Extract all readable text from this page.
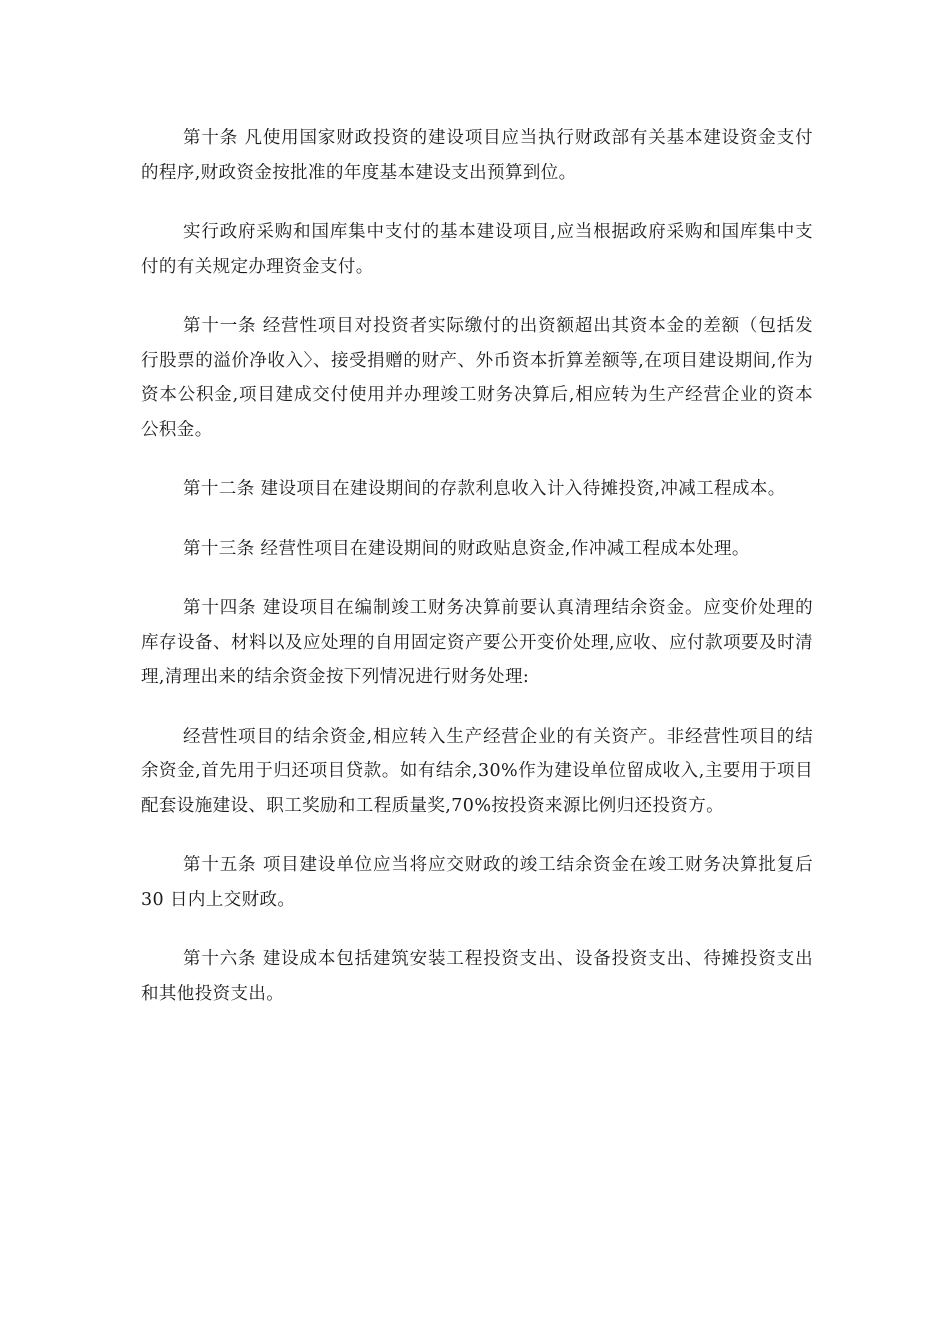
第十条 凡使用国家财政投资的建设项目应当执行财政部有关基本建设资金支付的程序,财政资金按批准的年度基本建设支出预算到位。

实行政府采购和国库集中支付的基本建设项目,应当根据政府采购和国库集中支付的有关规定办理资金支付。

第十一条 经营性项目对投资者实际缴付的出资额超出其资本金的差额（包括发行股票的溢价净收入〉、接受捐赠的财产、外币资本折算差额等,在项目建设期间,作为资本公积金,项目建成交付使用并办理竣工财务决算后,相应转为生产经营企业的资本公积金。

第十二条 建设项目在建设期间的存款利息收入计入待摊投资,冲减工程成本。

第十三条 经营性项目在建设期间的财政贴息资金,作冲减工程成本处理。

第十四条 建设项目在编制竣工财务决算前要认真清理结余资金。应变价处理的库存设备、材料以及应处理的自用固定资产要公开变价处理,应收、应付款项要及时清理,清理出来的结余资金按下列情况进行财务处理:

经营性项目的结余资金,相应转入生产经营企业的有关资产。非经营性项目的结余资金,首先用于归还项目贷款。如有结余,30%作为建设单位留成收入,主要用于项目配套设施建设、职工奖励和工程质量奖,70%按投资来源比例归还投资方。

第十五条 项目建设单位应当将应交财政的竣工结余资金在竣工财务决算批复后 30 日内上交财政。

第十六条 建设成本包括建筑安装工程投资支出、设备投资支出、待摊投资支出和其他投资支出。
